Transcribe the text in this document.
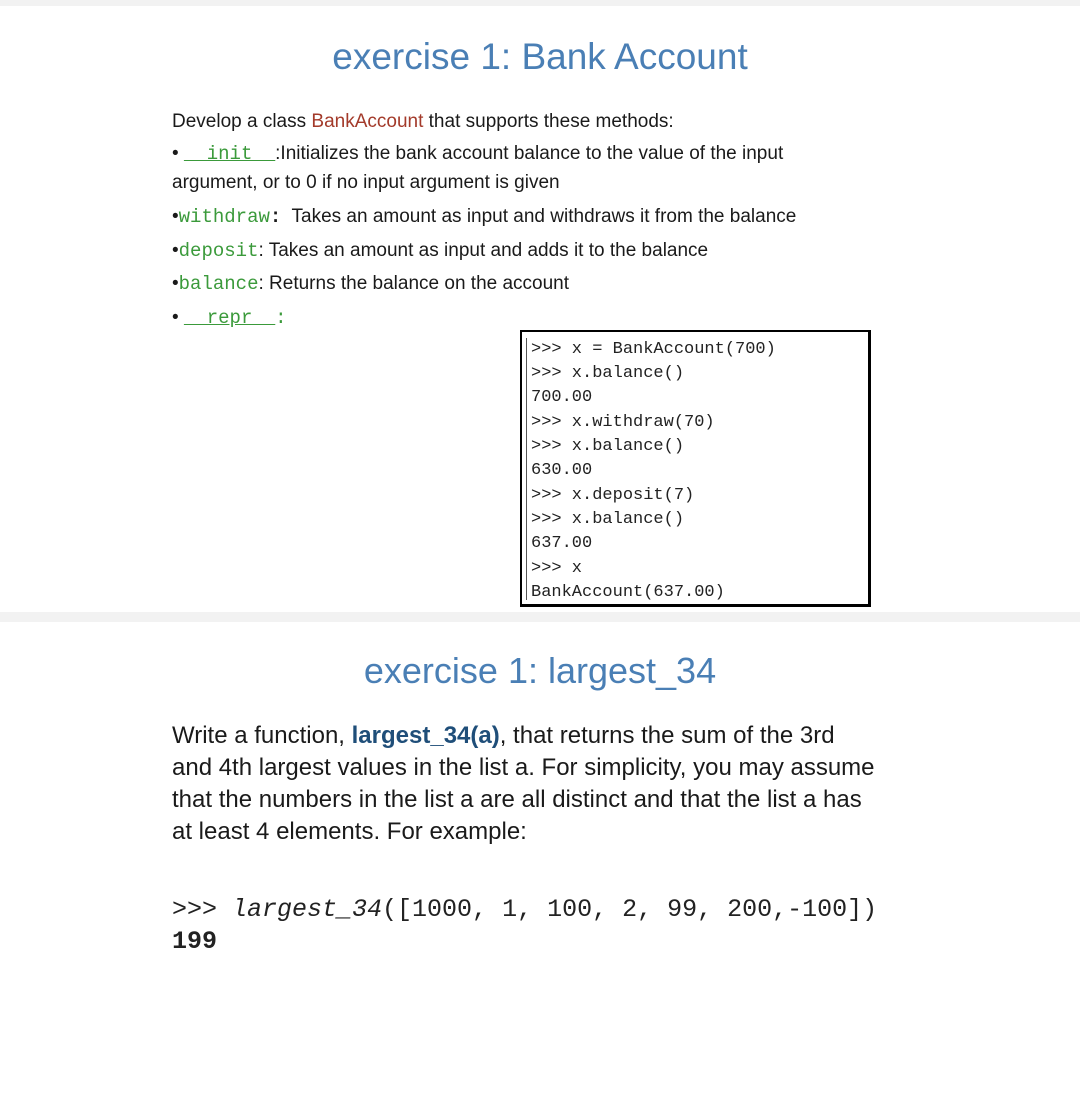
exercise 1: Bank Account
Develop a class BankAccount that supports these methods:
• __init__:Initializes the bank account balance to the value of the input
argument, or to 0 if no input argument is given
•withdraw:  Takes an amount as input and withdraws it from the balance
•deposit: Takes an amount as input and adds it to the balance
•balance: Returns the balance on the account
• __repr__:
>>> x = BankAccount(700)
>>> x.balance()
700.00
>>> x.withdraw(70)
>>> x.balance()
630.00
>>> x.deposit(7)
>>> x.balance()
637.00
>>> x
BankAccount(637.00)
exercise 1: largest_34
Write a function, largest_34(a), that returns the sum of the 3rd
and 4th largest values in the list a. For simplicity, you may assume
that the numbers in the list a are all distinct and that the list a has
at least 4 elements. For example:
>>> largest_34([1000, 1, 100, 2, 99, 200,-100])
199
